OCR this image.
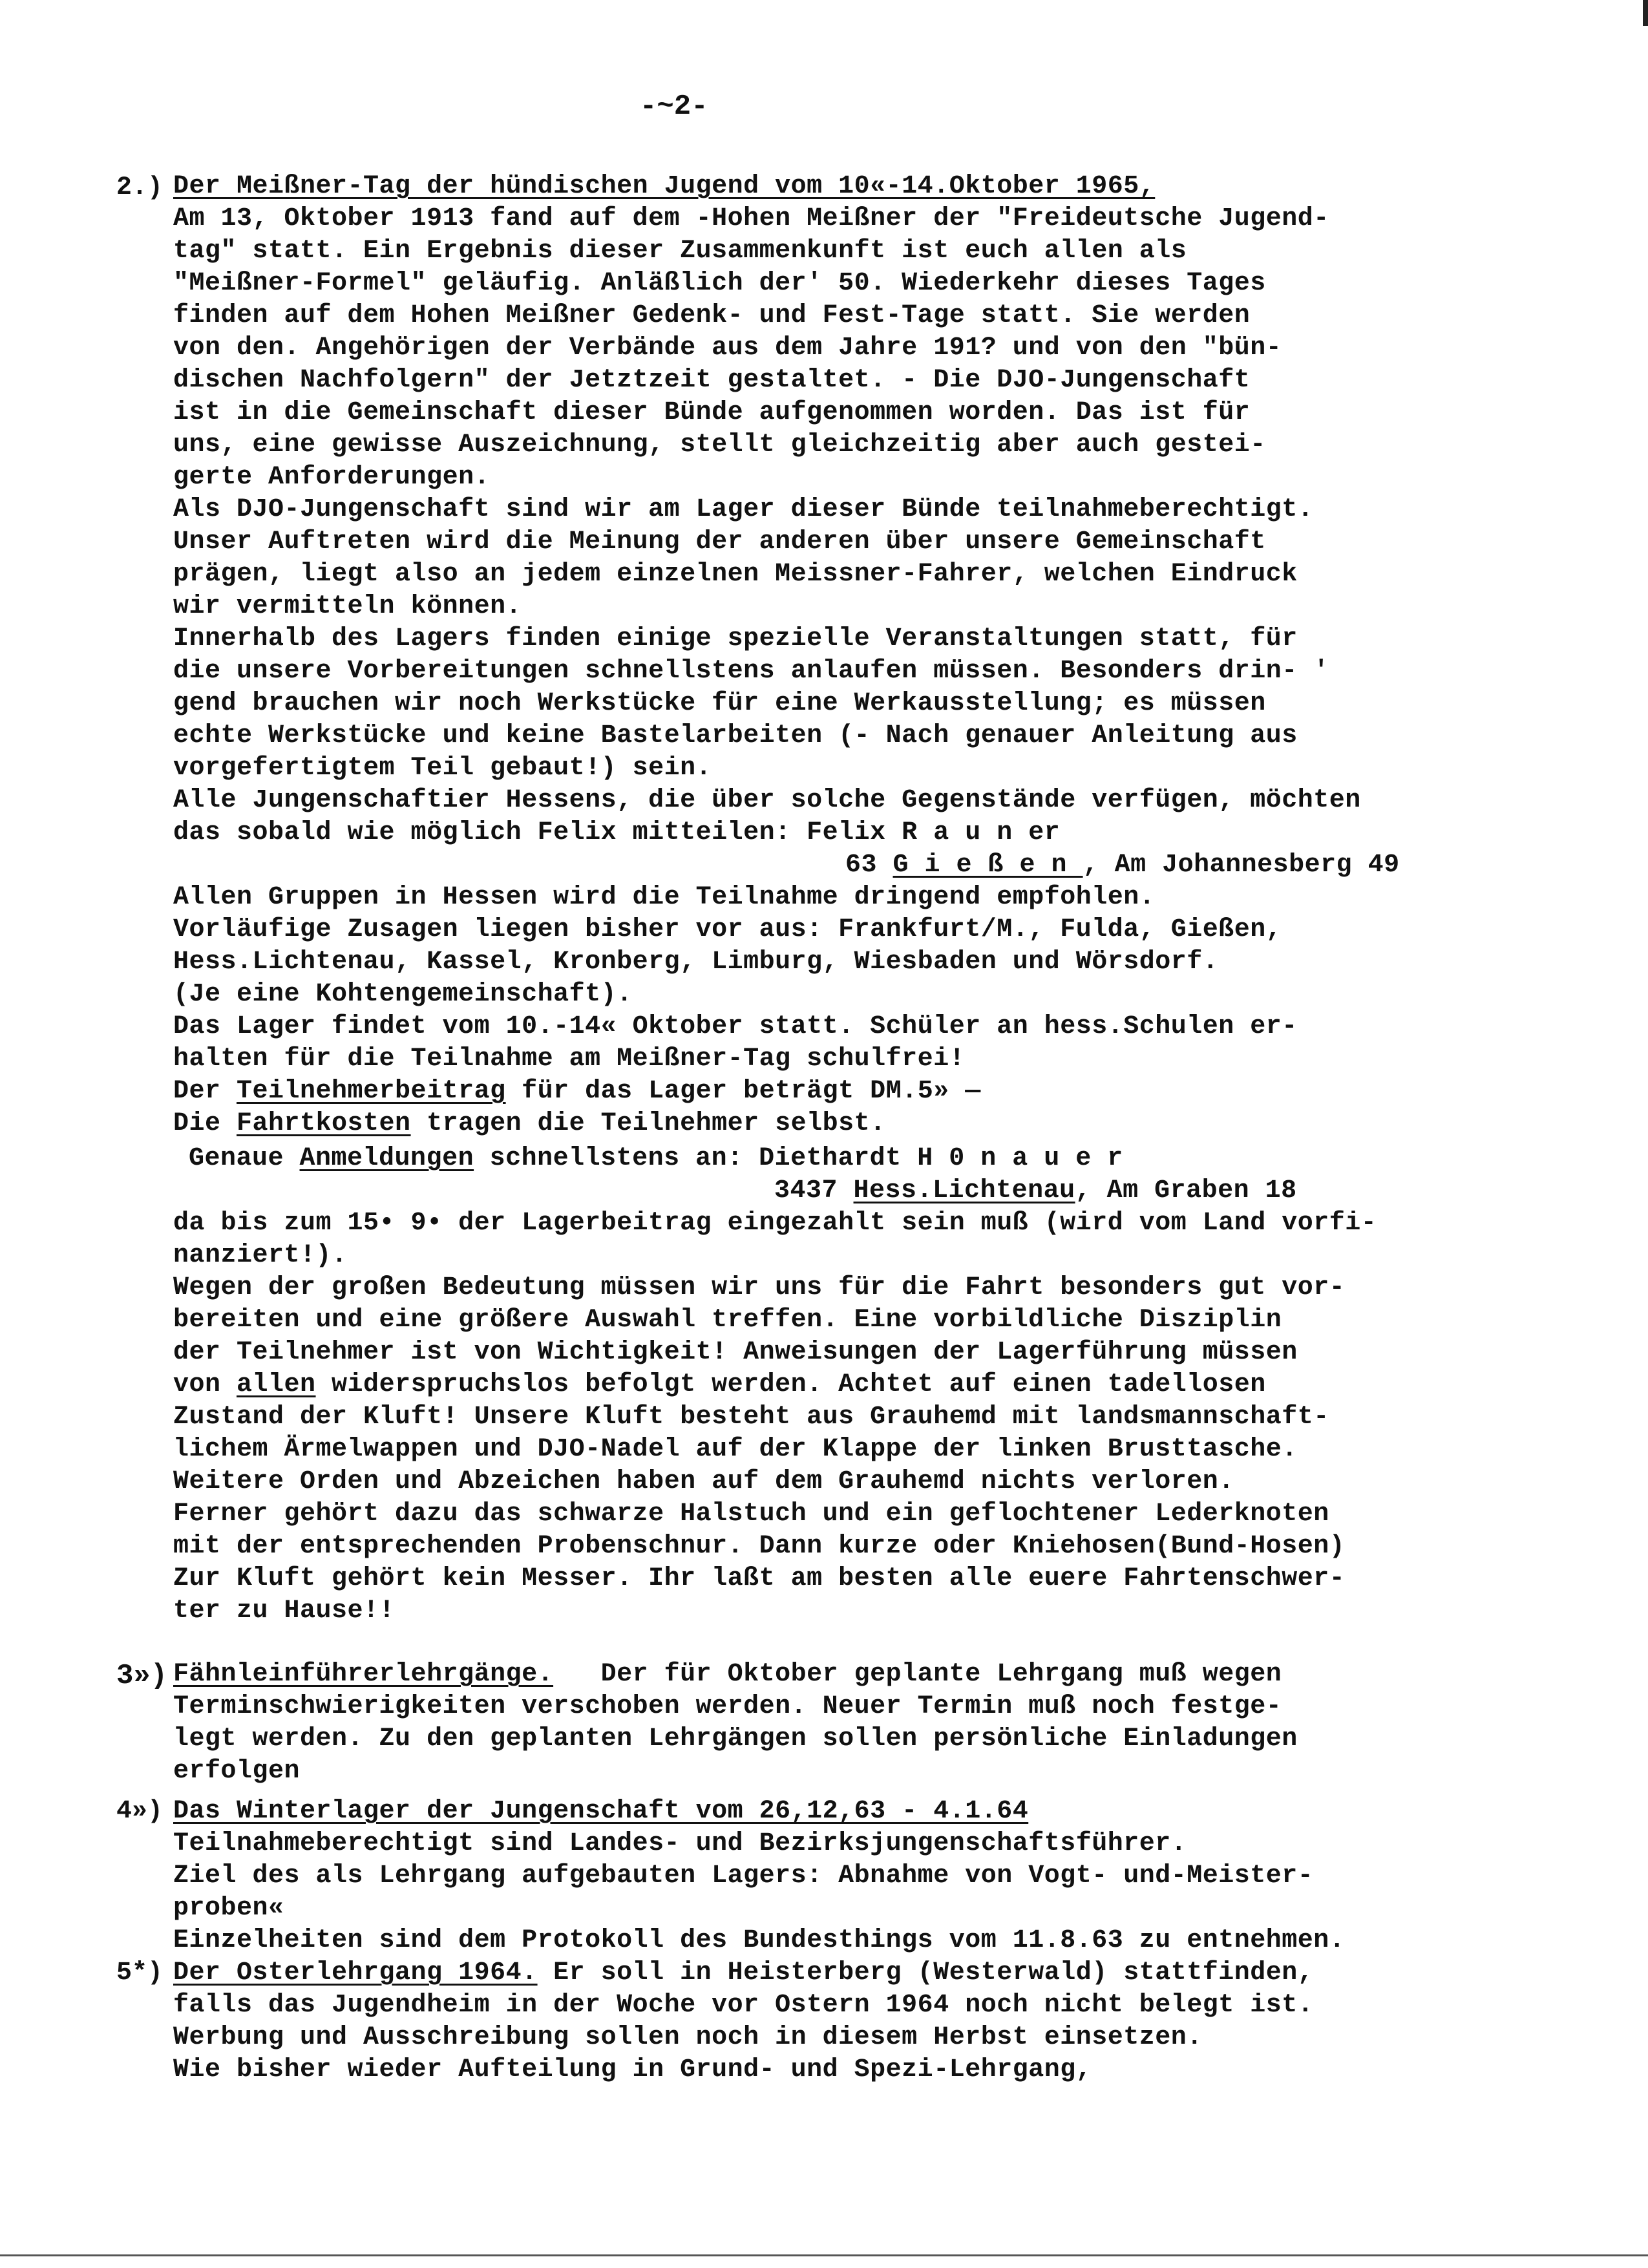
-~2-
2.) Der Meißner-Tag der hündischen Jugend vom 10«-14.Oktober 1965,
Am 13, Oktober 1913 fand auf dem -Hohen Meißner der "Freideutsche Jugend-
tag" statt. Ein Ergebnis dieser Zusammenkunft ist euch allen als
"Meißner-Formel" geläufig. Anläßlich der' 50. Wiederkehr dieses Tages
finden auf dem Hohen Meißner Gedenk- und Fest-Tage statt. Sie werden
von den. Angehörigen der Verbände aus dem Jahre 191? und von den "bün-
dischen Nachfolgern" der Jetztzeit gestaltet. - Die DJO-Jungenschaft
ist in die Gemeinschaft dieser Bünde aufgenommen worden. Das ist für
uns, eine gewisse Auszeichnung, stellt gleichzeitig aber auch gestei-
gerte Anforderungen.
Als DJO-Jungenschaft sind wir am Lager dieser Bünde teilnahmeberechtigt.
Unser Auftreten wird die Meinung der anderen über unsere Gemeinschaft
prägen, liegt also an jedem einzelnen Meissner-Fahrer, welchen Eindruck
wir vermitteln können.
Innerhalb des Lagers finden einige spezielle Veranstaltungen statt, für
die unsere Vorbereitungen schnellstens anlaufen müssen. Besonders drin- '
gend brauchen wir noch Werkstücke für eine Werkausstellung; es müssen
echte Werkstücke und keine Bastelarbeiten (- Nach genauer Anleitung aus
vorgefertigtem Teil gebaut!) sein.
Alle Jungenschaftier Hessens, die über solche Gegenstände verfügen, möchten
das sobald wie möglich Felix mitteilen: Felix R a u n er
63 G i e ß e n , Am Johannesberg 49
Allen Gruppen in Hessen wird die Teilnahme dringend empfohlen.
Vorläufige Zusagen liegen bisher vor aus: Frankfurt/M., Fulda, Gießen,
Hess.Lichtenau, Kassel, Kronberg, Limburg, Wiesbaden und Wörsdorf.
(Je eine Kohtengemeinschaft).
Das Lager findet vom 10.-14« Oktober statt. Schüler an hess.Schulen er-
halten für die Teilnahme am Meißner-Tag schulfrei!
Der Teilnehmerbeitrag für das Lager beträgt DM.5» —
Die Fahrtkosten tragen die Teilnehmer selbst.
Genaue Anmeldungen schnellstens an: Diethardt H 0 n a u e r
3437 Hess.Lichtenau, Am Graben 18
da bis zum 15• 9• der Lagerbeitrag eingezahlt sein muß (wird vom Land vorfi-
nanziert!).
Wegen der großen Bedeutung müssen wir uns für die Fahrt besonders gut vor-
bereiten und eine größere Auswahl treffen. Eine vorbildliche Disziplin
der Teilnehmer ist von Wichtigkeit! Anweisungen der Lagerführung müssen
von allen widerspruchslos befolgt werden. Achtet auf einen tadellosen
Zustand der Kluft! Unsere Kluft besteht aus Grauhemd mit landsmannschaft-
lichem Ärmelwappen und DJO-Nadel auf der Klappe der linken Brusttasche.
Weitere Orden und Abzeichen haben auf dem Grauhemd nichts verloren.
Ferner gehört dazu das schwarze Halstuch und ein geflochtener Lederknoten
mit der entsprechenden Probenschnur. Dann kurze oder Kniehosen(Bund-Hosen)
Zur Kluft gehört kein Messer. Ihr laßt am besten alle euere Fahrtenschwer-
ter zu Hause!!
3») Fähnleinführerlehrgänge.   Der für Oktober geplante Lehrgang muß wegen
Terminschwierigkeiten verschoben werden. Neuer Termin muß noch festge-
legt werden. Zu den geplanten Lehrgängen sollen persönliche Einladungen
erfolgen
4») Das Winterlager der Jungenschaft vom 26,12,63 - 4.1.64
Teilnahmeberechtigt sind Landes- und Bezirksjungenschaftsführer.
Ziel des als Lehrgang aufgebauten Lagers: Abnahme von Vogt- und-Meister-
proben«
Einzelheiten sind dem Protokoll des Bundesthings vom 11.8.63 zu entnehmen.
5*) Der Osterlehrgang 1964. Er soll in Heisterberg (Westerwald) stattfinden,
falls das Jugendheim in der Woche vor Ostern 1964 noch nicht belegt ist.
Werbung und Ausschreibung sollen noch in diesem Herbst einsetzen.
Wie bisher wieder Aufteilung in Grund- und Spezi-Lehrgang,
